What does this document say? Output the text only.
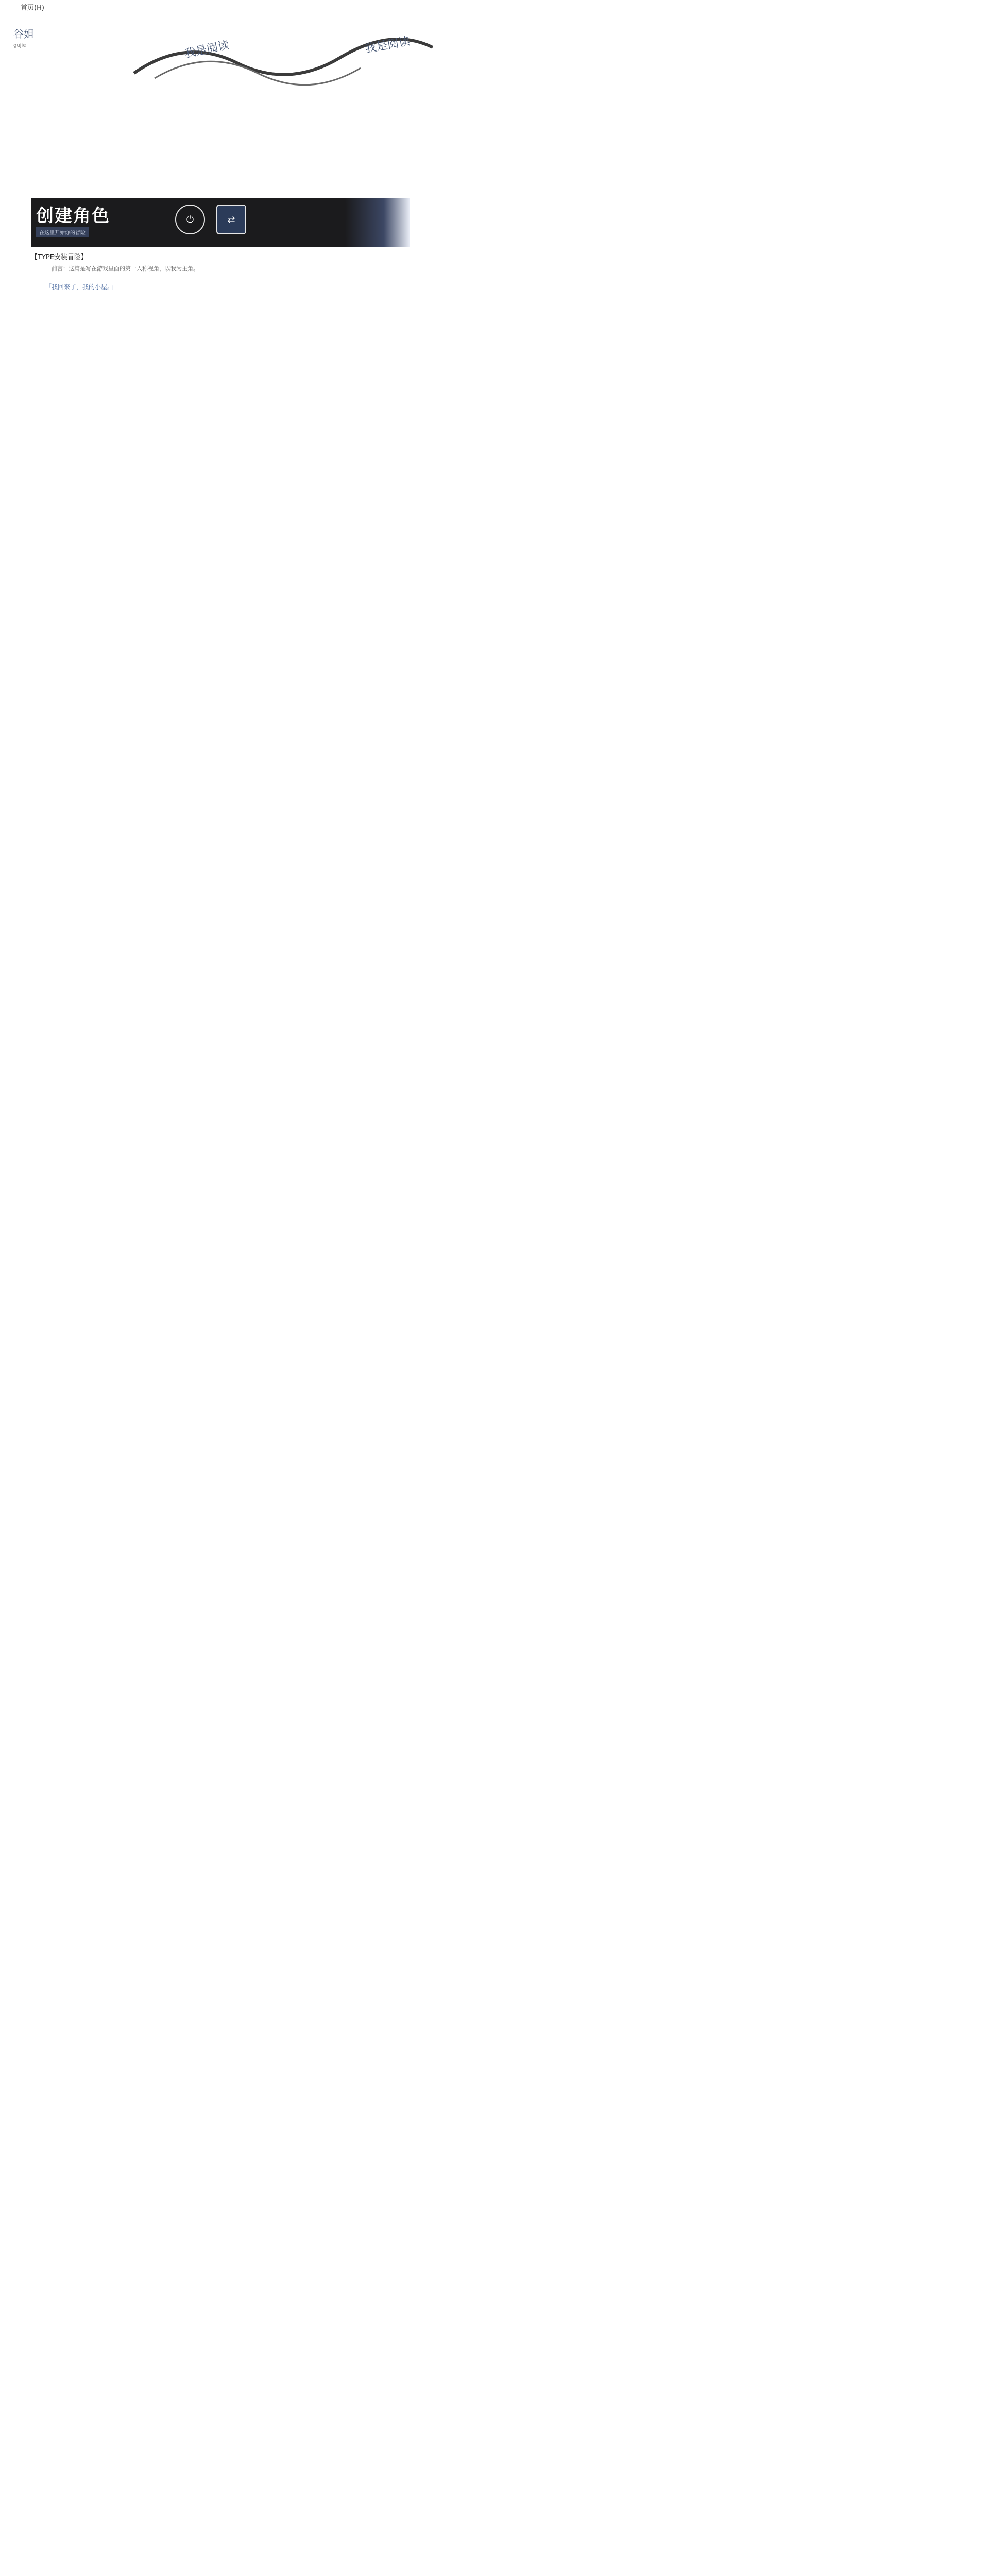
首页(H)
谷姐
gujie	我是阅读	我是阅读
创建角色
在这里开始你的冒险
⏻	⇄
【TYPE安装冒险】
前言：这篇是写在游戏里面的第一人称视角，以我为主角。
「我回来了，我的小屋。」
